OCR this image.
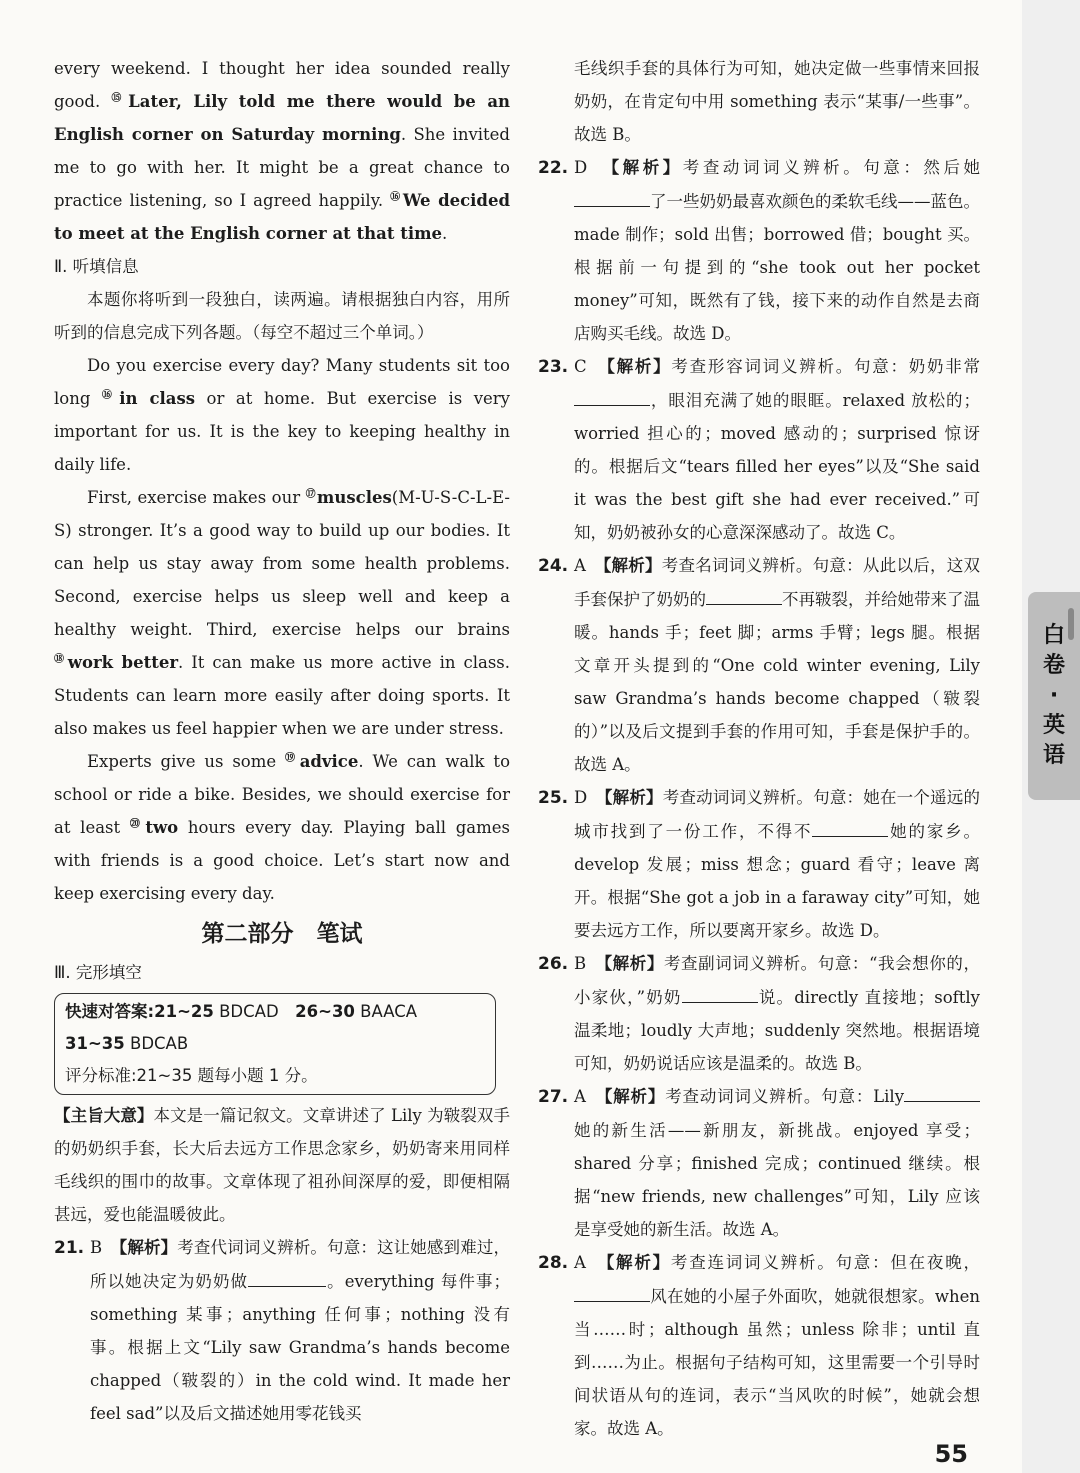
every weekend. I thought her idea sounded really good. ⑮Later, Lily told me there would be an English corner on Saturday morning. She invited me to go with her. It might be a great chance to practice listening, so I agreed happily. ⑯We decided to meet at the English corner at that time.

Ⅱ. 听填信息

本题你将听到一段独白，读两遍。请根据独白内容，用所听到的信息完成下列各题。（每空不超过三个单词。）

Do you exercise every day? Many students sit too long ⑯in class or at home. But exercise is very important for us. It is the key to keeping healthy in daily life.

First, exercise makes our ⑰muscles(M-U-S-C-L-E-S) stronger. It’s a good way to build up our bodies. It can help us stay away from some health problems. Second, exercise helps us sleep well and keep a healthy weight. Third, exercise helps our brains ⑱work better. It can make us more active in class. Students can learn more easily after doing sports. It also makes us feel happier when we are under stress.

Experts give us some ⑲advice. We can walk to school or ride a bike. Besides, we should exercise for at least ⑳two hours every day. Playing ball games with friends is a good choice. Let’s start now and keep exercising every day.

第二部分　笔试

Ⅲ. 完形填空

快速对答案:21~25 BDCAD　26~30 BAACA
31~35 BDCAB
评分标准:21~35 题每小题 1 分。

【主旨大意】本文是一篇记叙文。文章讲述了 Lily 为皲裂双手的奶奶织手套，长大后去远方工作思念家乡，奶奶寄来用同样毛线织的围巾的故事。文章体现了祖孙间深厚的爱，即便相隔甚远，爱也能温暖彼此。

21. B　【解析】考查代词词义辨析。句意：这让她感到难过，所以她决定为奶奶做	。everything 每件事；something 某事；anything 任何事；nothing 没有事。根据上文“Lily saw Grandma’s hands become chapped（皲裂的）in the cold wind. It made her feel sad”以及后文描述她用零花钱买

毛线织手套的具体行为可知，她决定做一些事情来回报奶奶，在肯定句中用 something 表示“某事/一些事”。故选 B。

22. D　【解析】考查动词词义辨析。句意：然后她了一些奶奶最喜欢颜色的柔软毛线——蓝色。made 制作；sold 出售；borrowed 借；bought 买。根据前一句提到的“she took out her pocket money”可知，既然有了钱，接下来的动作自然是去商店购买毛线。故选 D。

23. C　【解析】考查形容词词义辨析。句意：奶奶非常，眼泪充满了她的眼眶。relaxed 放松的；worried 担心的；moved 感动的；surprised 惊讶的。根据后文“tears filled her eyes”以及“She said it was the best gift she had ever received.”可知，奶奶被孙女的心意深深感动了。故选 C。

24. A　【解析】考查名词词义辨析。句意：从此以后，这双手套保护了奶奶的	不再皲裂，并给她带来了温暖。hands 手；feet 脚；arms 手臂；legs 腿。根据文章开头提到的“One cold winter evening, Lily saw Grandma’s hands become chapped（皲裂的）”以及后文提到手套的作用可知，手套是保护手的。故选 A。

25. D　【解析】考查动词词义辨析。句意：她在一个遥远的城市找到了一份工作，不得不	她的家乡。develop 发展；miss 想念；guard 看守；leave 离开。根据“She got a job in a faraway city”可知，她要去远方工作，所以要离开家乡。故选 D。

26. B　【解析】考查副词词义辨析。句意：“我会想你的，小家伙，”奶奶	说。directly 直接地；softly 温柔地；loudly 大声地；suddenly 突然地。根据语境可知，奶奶说话应该是温柔的。故选 B。

27. A　【解析】考查动词词义辨析。句意：Lily她的新生活——新朋友，新挑战。enjoyed 享受；shared 分享；finished 完成；continued 继续。根据“new friends, new challenges”可知，Lily 应该是享受她的新生活。故选 A。

28. A　【解析】考查连词词义辨析。句意：但在夜晚，风在她的小屋子外面吹，她就很想家。when 当……时；although 虽然；unless 除非；until 直到……为止。根据句子结构可知，这里需要一个引导时间状语从句的连词，表示“当风吹的时候”，她就会想家。故选 A。

白
卷
·
英
语
55
